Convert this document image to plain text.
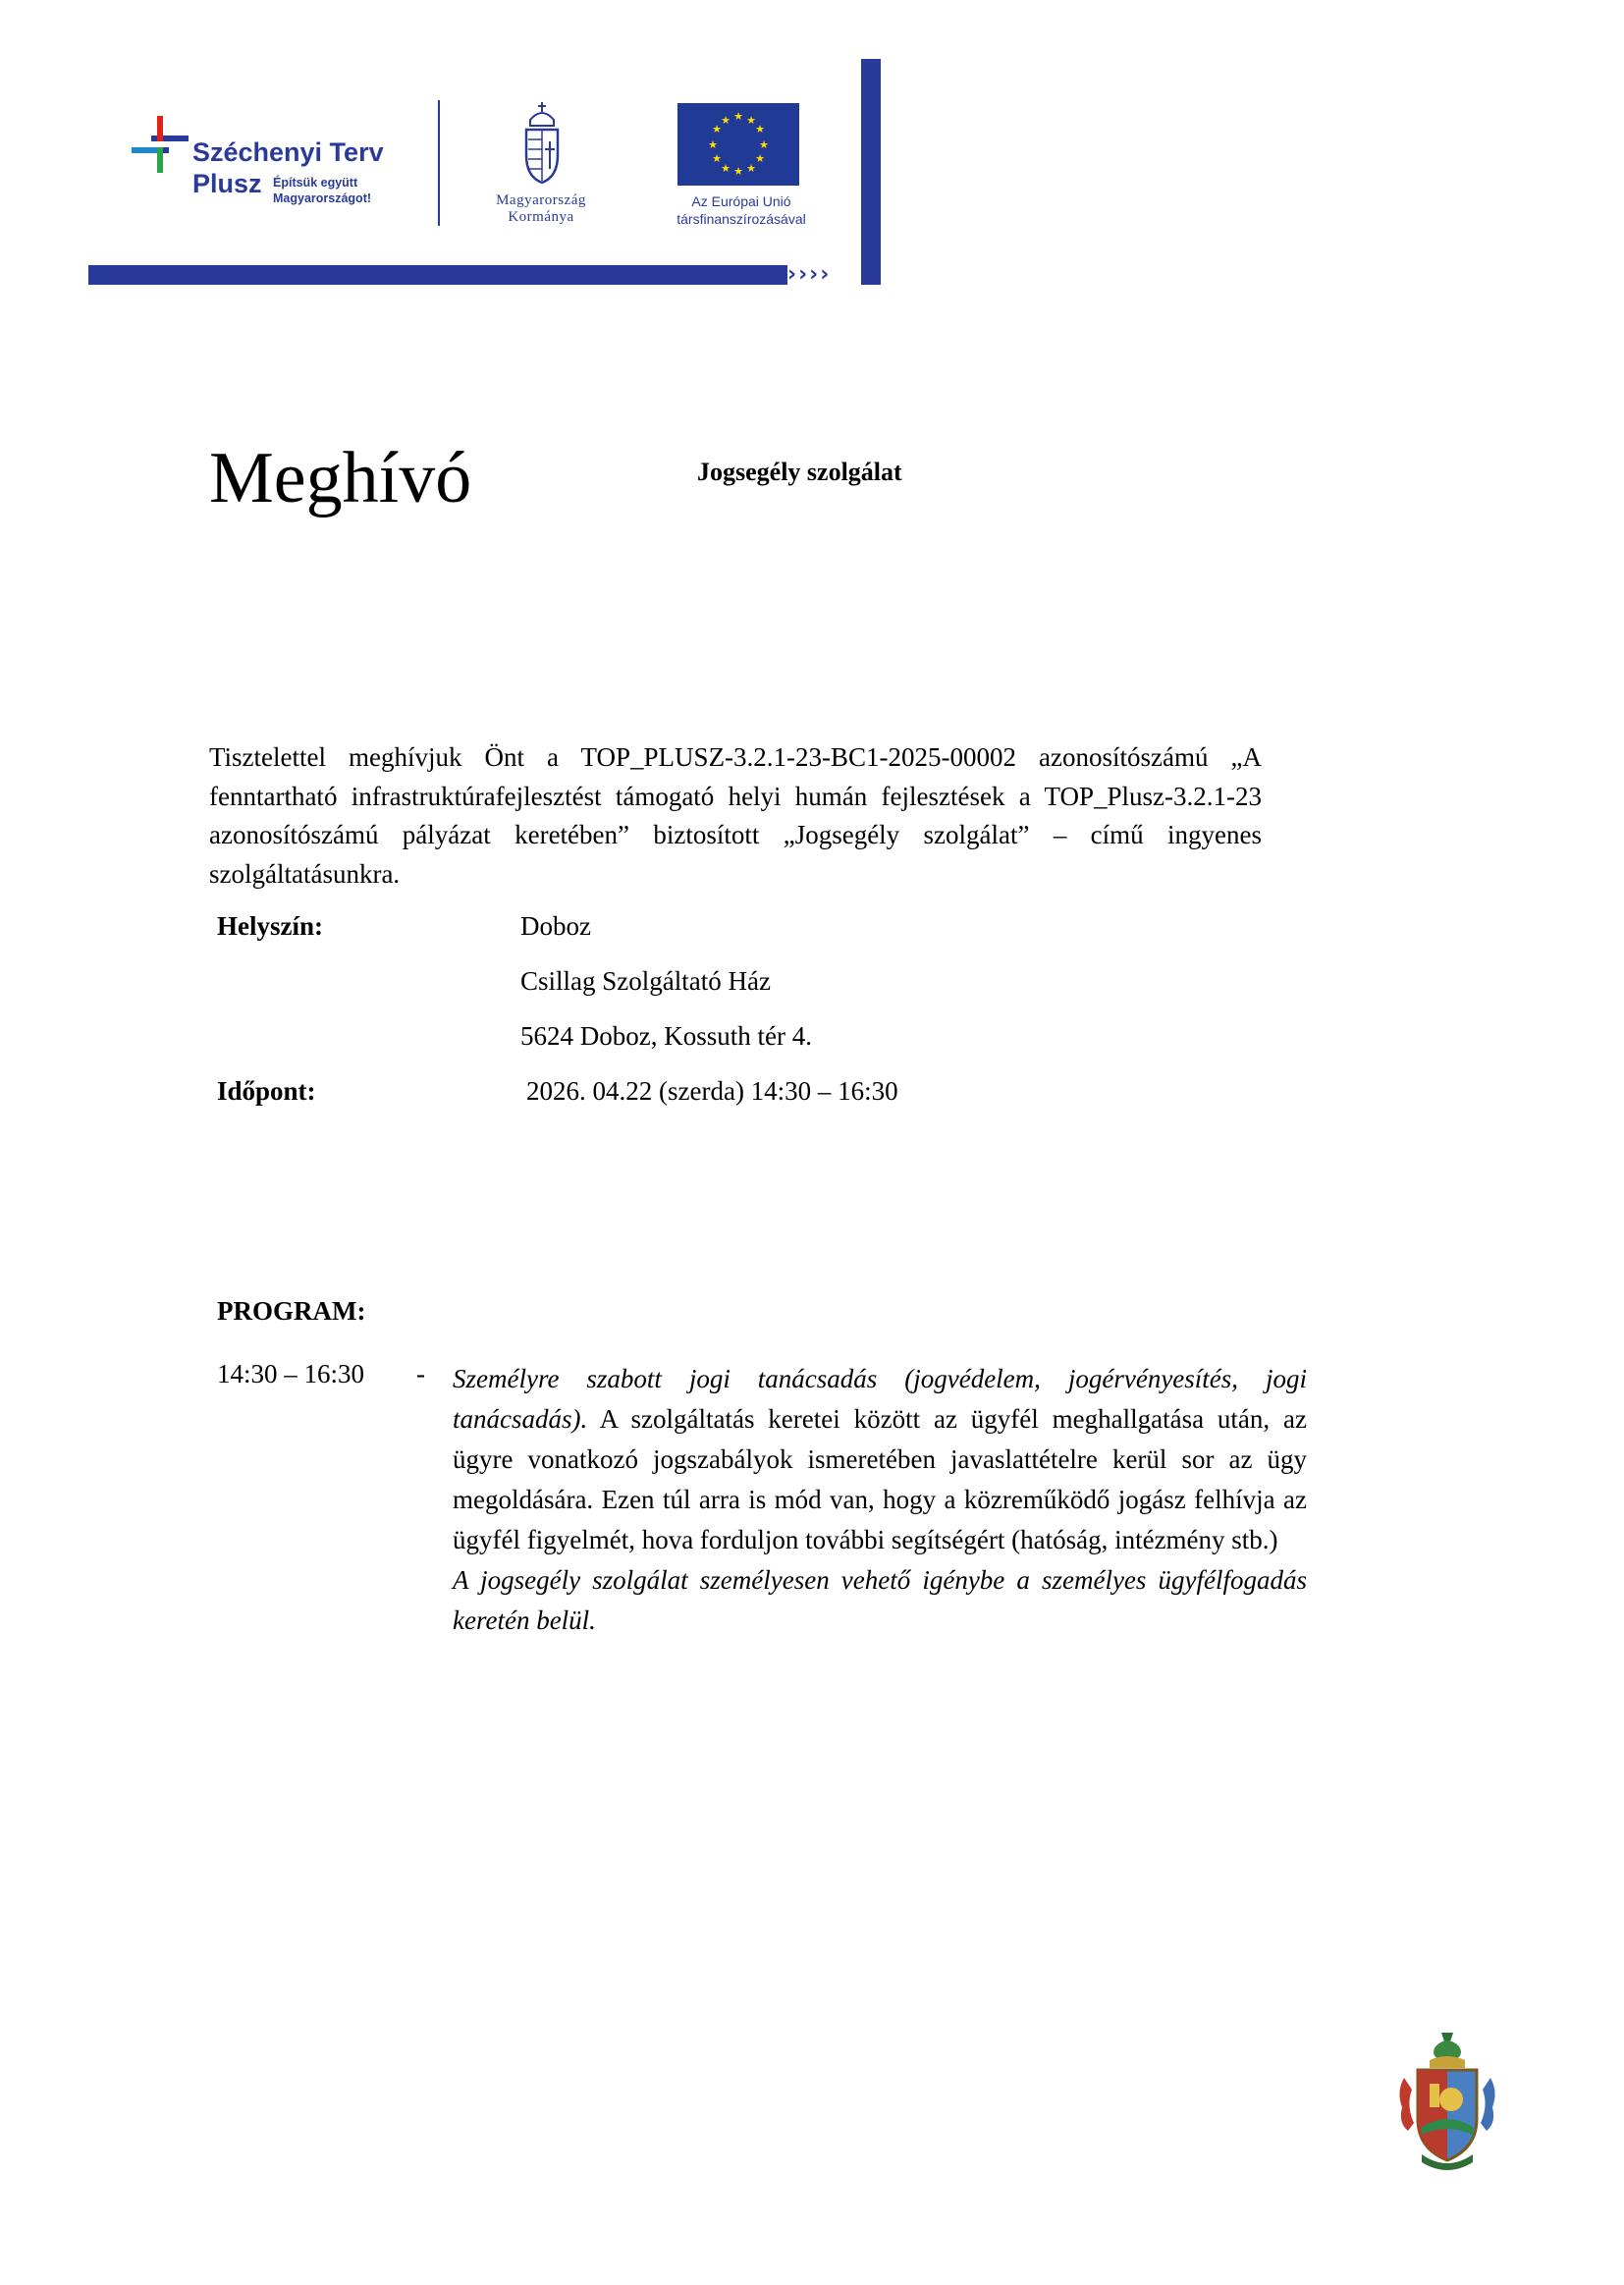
› › › ›
›
›
›
Széchenyi Terv
Plusz Építsük együtt
Magyarországot!	Magyarország
Kormánya
★ ★
★
★
★
★
★
★
★
★
★
★
Az Európai Unió
társfinanszírozásával
Meghívó	Jogsegély szolgálat
Tisztelettel meghívjuk Önt a TOP_PLUSZ-3.2.1-23-BC1-2025-00002 azonosítószámú „A fenntartható infrastruktúrafejlesztést támogató helyi humán fejlesztések a TOP_Plusz-3.2.1-23 azonosítószámú pályázat keretében” biztosított „Jogsegély szolgálat” – című ingyenes szolgáltatásunkra.
Helyszín:	Doboz
Csillag Szolgáltató Ház
5624 Doboz, Kossuth tér 4.
Időpont:	2026. 04.22 (szerda) 14:30 – 16:30
PROGRAM:
14:30 – 16:30 - Személyre szabott jogi tanácsadás (jogvédelem, jogérvényesítés, jogi tanácsadás). A szolgáltatás keretei között az ügyfél meghallgatása után, az ügyre vonatkozó jogszabályok ismeretében javaslattételre kerül sor az ügy megoldására. Ezen túl arra is mód van, hogy a közreműködő jogász felhívja az ügyfél figyelmét, hova forduljon további segítségért (hatóság, intézmény stb.)

A jogsegély szolgálat személyesen vehető igénybe a személyes ügyfélfogadás keretén belül.
